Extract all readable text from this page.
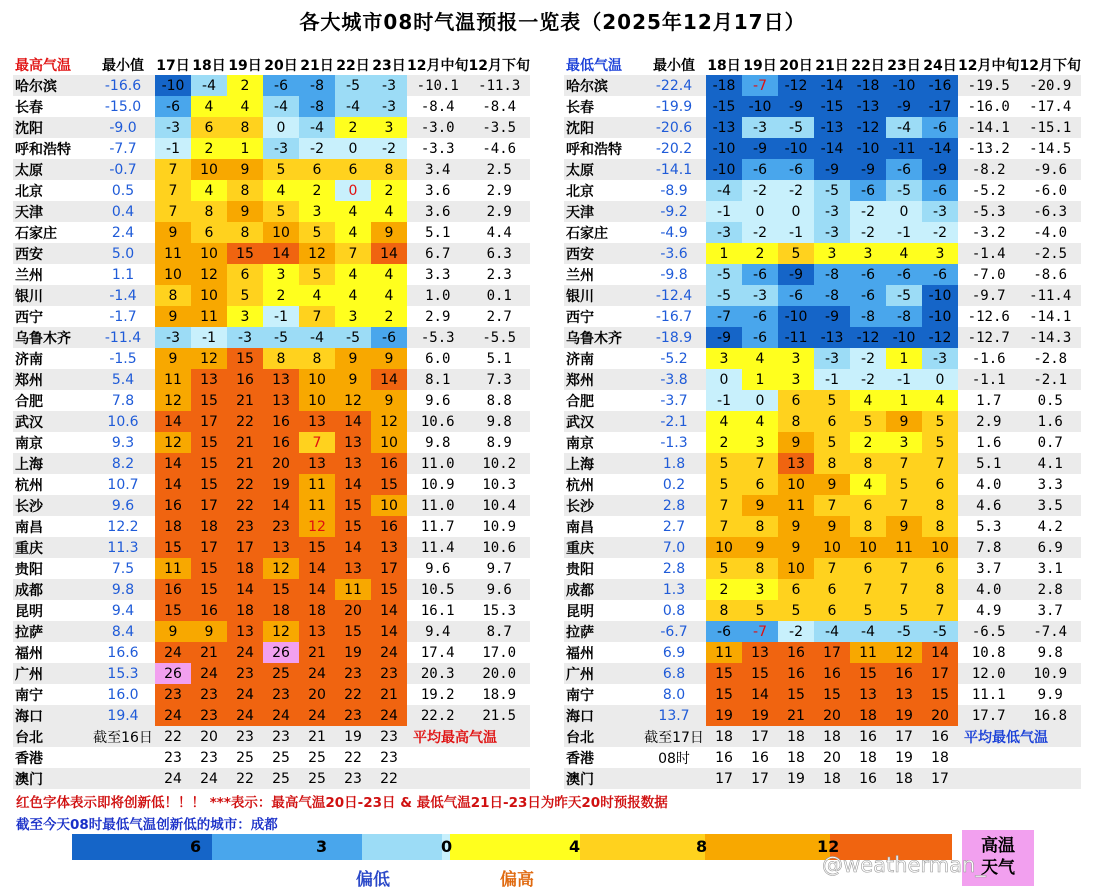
各大城市08时气温预报一览表（2025年12月17日）
最高气温	最小值	17日	18日	19日	20日	21日	22日	23日	12月中旬	12月下旬
哈尔滨	-16.6	-10	-4	2	-6	-8	-5	-3	-10.1	-11.3
长春	-15.0	-6	4	4	-4	-8	-4	-3	-8.4	-8.4
沈阳	-9.0	-3	6	8	0	-4	2	3	-3.0	-3.5
呼和浩特	-7.7	-1	2	1	-3	-2	0	-2	-3.3	-4.6
太原	-0.7	7	10	9	5	6	6	8	3.4	2.5
北京	0.5	7	4	8	4	2	0	2	3.6	2.9
天津	0.4	7	8	9	5	3	4	4	3.6	2.9
石家庄	2.4	9	6	8	10	5	4	9	5.1	4.4
西安	5.0	11	10	15	14	12	7	14	6.7	6.3
兰州	1.1	10	12	6	3	5	4	4	3.3	2.3
银川	-1.4	8	10	5	2	4	4	4	1.0	0.1
西宁	-1.7	9	11	3	-1	7	3	2	2.9	2.7
乌鲁木齐	-11.4	-3	-1	-3	-5	-4	-5	-6	-5.3	-5.5
济南	-1.5	9	12	15	8	8	9	9	6.0	5.1
郑州	5.4	11	13	16	13	10	9	14	8.1	7.3
合肥	7.8	12	15	21	13	10	12	9	9.6	8.8
武汉	10.6	14	17	22	16	13	14	12	10.6	9.8
南京	9.3	12	15	21	16	7	13	10	9.8	8.9
上海	8.2	14	15	21	20	13	13	16	11.0	10.2
杭州	10.7	14	15	22	19	11	14	15	10.9	10.3
长沙	9.6	16	17	22	14	11	15	10	11.0	10.4
南昌	12.2	18	18	23	23	12	15	16	11.7	10.9
重庆	11.3	15	17	17	13	15	14	13	11.4	10.6
贵阳	7.5	11	15	18	12	14	13	17	9.6	9.7
成都	9.8	16	15	14	15	14	11	15	10.5	9.6
昆明	9.4	15	16	18	18	18	20	14	16.1	15.3
拉萨	8.4	9	9	13	12	13	15	14	9.4	8.7
福州	16.6	24	21	24	26	21	19	24	17.4	17.0
广州	15.3	26	24	23	25	24	23	23	20.3	20.0
南宁	16.0	23	23	24	23	20	22	21	19.2	18.9
海口	19.4	24	23	24	24	24	23	24	22.2	21.5
台北	截至16日	22	20	23	23	21	19	23	平均最高气温	
香港		23	23	25	25	25	22	23		
澳门		24	24	22	25	25	23	22		
最低气温	最小值	18日	19日	20日	21日	22日	23日	24日	12月中旬	12月下旬
哈尔滨	-22.4	-18	-7	-12	-14	-18	-10	-16	-19.5	-20.9
长春	-19.9	-15	-10	-9	-15	-13	-9	-17	-16.0	-17.4
沈阳	-20.6	-13	-3	-5	-13	-12	-4	-6	-14.1	-15.1
呼和浩特	-20.2	-10	-9	-10	-14	-10	-11	-14	-13.2	-14.5
太原	-14.1	-10	-6	-6	-9	-9	-6	-9	-8.2	-9.6
北京	-8.9	-4	-2	-2	-5	-6	-5	-6	-5.2	-6.0
天津	-9.2	-1	0	0	-3	-2	0	-3	-5.3	-6.3
石家庄	-4.9	-3	-2	-1	-3	-2	-1	-2	-3.2	-4.0
西安	-3.6	1	2	5	3	3	4	3	-1.4	-2.5
兰州	-9.8	-5	-6	-9	-8	-6	-6	-6	-7.0	-8.6
银川	-12.4	-5	-3	-6	-8	-6	-5	-10	-9.7	-11.4
西宁	-16.7	-7	-6	-10	-9	-8	-8	-10	-12.6	-14.1
乌鲁木齐	-18.9	-9	-6	-11	-13	-12	-10	-12	-12.7	-14.3
济南	-5.2	3	4	3	-3	-2	1	-3	-1.6	-2.8
郑州	-3.8	0	1	3	-1	-2	-1	0	-1.1	-2.1
合肥	-3.7	-1	0	6	5	4	1	4	1.7	0.5
武汉	-2.1	4	4	8	6	5	9	5	2.9	1.6
南京	-1.3	2	3	9	5	2	3	5	1.6	0.7
上海	1.8	5	7	13	8	8	7	7	5.1	4.1
杭州	0.2	5	6	10	9	4	5	6	4.0	3.3
长沙	2.8	7	9	11	7	6	7	8	4.6	3.5
南昌	2.7	7	8	9	9	8	9	8	5.3	4.2
重庆	7.0	10	9	9	10	10	11	10	7.8	6.9
贵阳	2.8	5	8	10	7	6	7	6	3.7	3.1
成都	1.3	2	3	6	6	7	7	8	4.0	2.8
昆明	0.8	8	5	5	6	5	5	7	4.9	3.7
拉萨	-6.7	-6	-7	-2	-4	-4	-5	-5	-6.5	-7.4
福州	6.9	11	13	16	17	11	12	14	10.8	9.8
广州	6.8	15	15	16	16	15	16	17	12.0	10.9
南宁	8.0	15	14	15	15	13	13	15	11.1	9.9
海口	13.7	19	19	21	20	18	19	20	17.7	16.8
台北	截至17日	18	17	18	18	16	17	16	平均最低气温	
香港	08时	16	16	18	20	18	19	18		
澳门		17	17	19	18	16	18	17		
红色字体表示即将创新低！！！ ***表示：最高气温20日-23日 & 最低气温21日-23日为昨天20时预报数据
截至今天08时最低气温创新低的城市：成都
6	3	0	4	8	12
偏低	偏高
高温
天气
@weatherman_
